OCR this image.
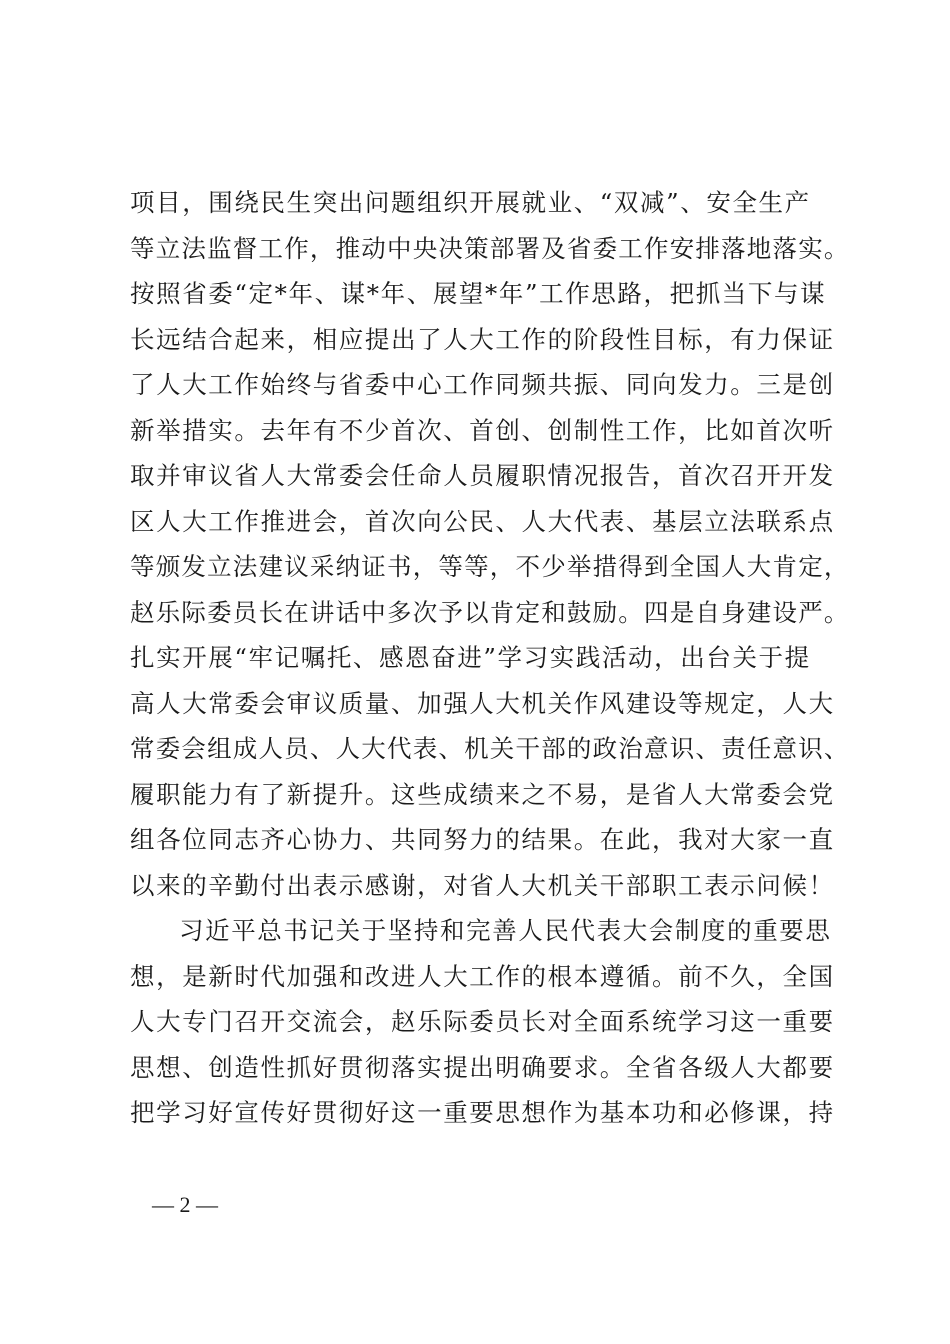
项目，围绕民生突出问题组织开展就业、“双减”、安全生产
等立法监督工作，推动中央决策部署及省委工作安排落地落实。
按照省委“定*年、谋*年、展望*年”工作思路，把抓当下与谋
长远结合起来，相应提出了人大工作的阶段性目标，有力保证
了人大工作始终与省委中心工作同频共振、同向发力。三是创
新举措实。去年有不少首次、首创、创制性工作，比如首次听
取并审议省人大常委会任命人员履职情况报告，首次召开开发
区人大工作推进会，首次向公民、人大代表、基层立法联系点
等颁发立法建议采纳证书，等等，不少举措得到全国人大肯定，
赵乐际委员长在讲话中多次予以肯定和鼓励。四是自身建设严。
扎实开展“牢记嘱托、感恩奋进”学习实践活动，出台关于提
高人大常委会审议质量、加强人大机关作风建设等规定，人大
常委会组成人员、人大代表、机关干部的政治意识、责任意识、
履职能力有了新提升。这些成绩来之不易，是省人大常委会党
组各位同志齐心协力、共同努力的结果。在此，我对大家一直
以来的辛勤付出表示感谢，对省人大机关干部职工表示问候！
习近平总书记关于坚持和完善人民代表大会制度的重要思
想，是新时代加强和改进人大工作的根本遵循。前不久，全国
人大专门召开交流会，赵乐际委员长对全面系统学习这一重要
思想、创造性抓好贯彻落实提出明确要求。全省各级人大都要
把学习好宣传好贯彻好这一重要思想作为基本功和必修课，持
— 2 —
